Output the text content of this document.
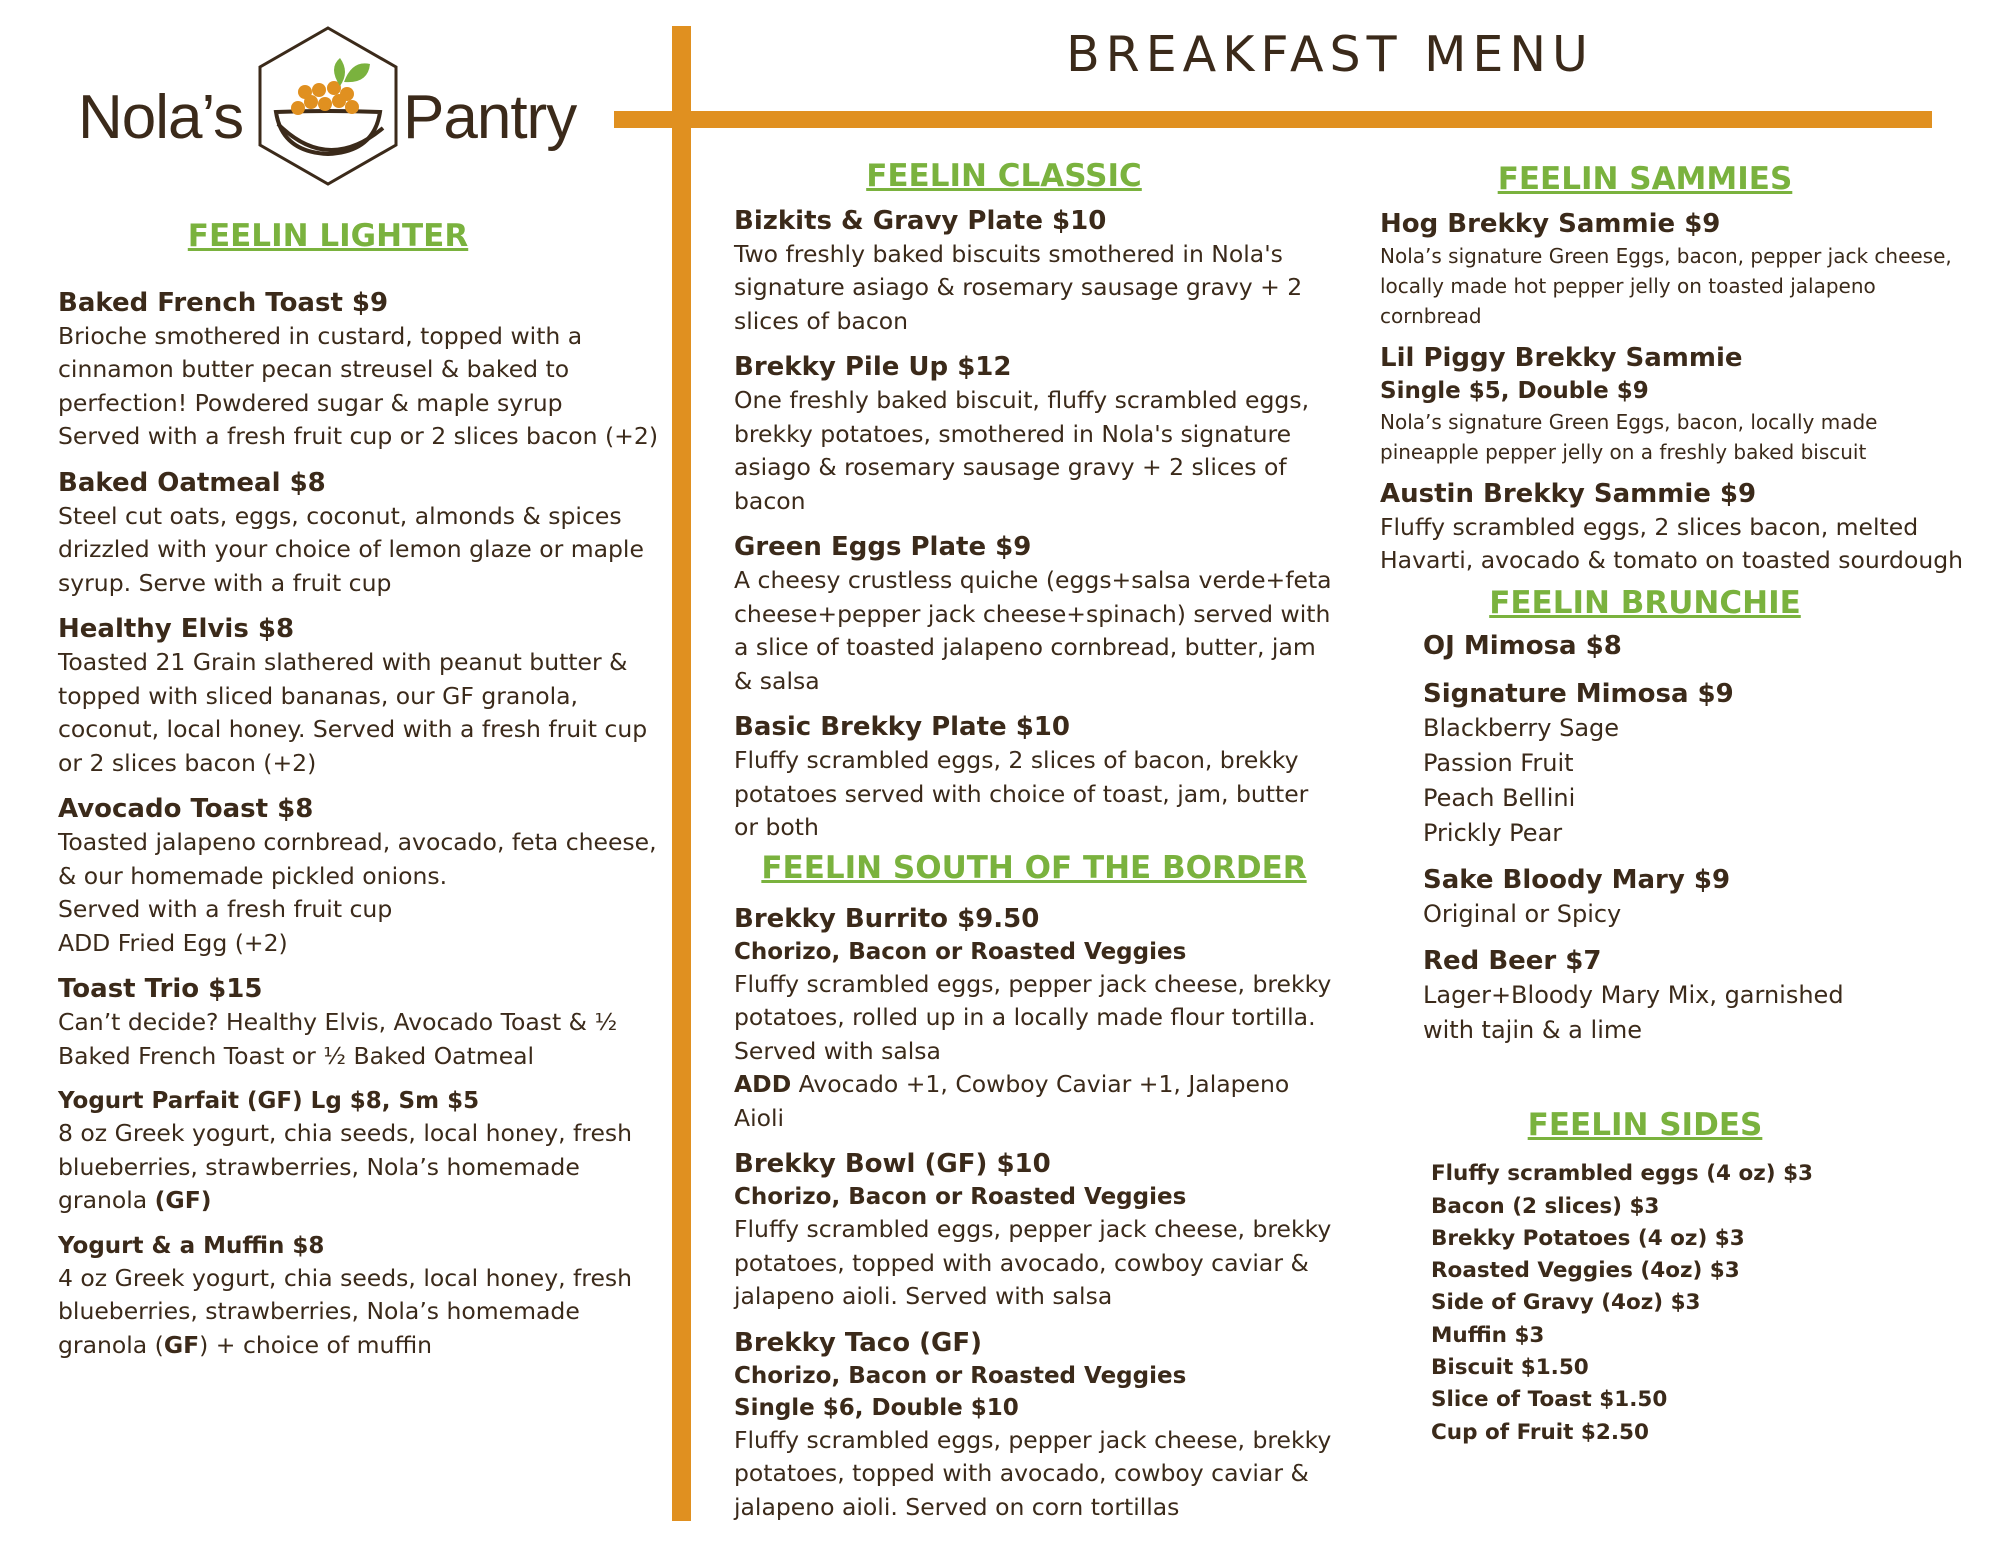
Nola’s	Pantry
BREAKFAST MENU
FEELIN LIGHTER
Baked French Toast $9
Brioche smothered in custard, topped with a cinnamon butter pecan streusel & baked to perfection! Powdered sugar & maple syrup
Served with a fresh fruit cup or 2 slices bacon (+2)
Baked Oatmeal $8
Steel cut oats, eggs, coconut, almonds & spices drizzled with your choice of lemon glaze or maple syrup. Serve with a fruit cup
Healthy Elvis $8
Toasted 21 Grain slathered with peanut butter & topped with sliced bananas, our GF granola, coconut, local honey. Served with a fresh fruit cup or 2 slices bacon (+2)
Avocado Toast $8
Toasted jalapeno cornbread, avocado, feta cheese, & our homemade pickled onions.
Served with a fresh fruit cup
ADD Fried Egg (+2)
Toast Trio $15
Can’t decide? Healthy Elvis, Avocado Toast & ½ Baked French Toast or ½ Baked Oatmeal
Yogurt Parfait (GF) Lg $8, Sm $5
8 oz Greek yogurt, chia seeds, local honey, fresh blueberries, strawberries, Nola’s homemade granola (GF)
Yogurt & a Muffin $8
4 oz Greek yogurt, chia seeds, local honey, fresh blueberries, strawberries, Nola’s homemade granola (GF) + choice of muffin
FEELIN CLASSIC
Bizkits & Gravy Plate $10
Two freshly baked biscuits smothered in Nola's signature asiago & rosemary sausage gravy + 2 slices of bacon
Brekky Pile Up $12
One freshly baked biscuit, fluffy scrambled eggs, brekky potatoes, smothered in Nola's signature asiago & rosemary sausage gravy + 2 slices of bacon
Green Eggs Plate $9
A cheesy crustless quiche (eggs+salsa verde+feta cheese+pepper jack cheese+spinach) served with a slice of toasted jalapeno cornbread, butter, jam & salsa
Basic Brekky Plate $10
Fluffy scrambled eggs, 2 slices of bacon, brekky potatoes served with choice of toast, jam, butter or both
FEELIN SOUTH OF THE BORDER
Brekky Burrito $9.50
Chorizo, Bacon or Roasted Veggies
Fluffy scrambled eggs, pepper jack cheese, brekky potatoes, rolled up in a locally made flour tortilla. Served with salsa
ADD Avocado +1, Cowboy Caviar +1, Jalapeno Aioli
Brekky Bowl (GF) $10
Chorizo, Bacon or Roasted Veggies
Fluffy scrambled eggs, pepper jack cheese, brekky potatoes, topped with avocado, cowboy caviar & jalapeno aioli. Served with salsa
Brekky Taco (GF)
Chorizo, Bacon or Roasted Veggies
Single $6, Double $10
Fluffy scrambled eggs, pepper jack cheese, brekky potatoes, topped with avocado, cowboy caviar & jalapeno aioli. Served on corn tortillas
FEELIN SAMMIES
Hog Brekky Sammie $9
Nola’s signature Green Eggs, bacon, pepper jack cheese, locally made hot pepper jelly on toasted jalapeno cornbread
Lil Piggy Brekky Sammie
Single $5, Double $9
Nola’s signature Green Eggs, bacon, locally made pineapple pepper jelly on a freshly baked biscuit
Austin Brekky Sammie $9
Fluffy scrambled eggs, 2 slices bacon, melted Havarti, avocado & tomato on toasted sourdough
FEELIN BRUNCHIE
OJ Mimosa $8
Signature Mimosa $9
Blackberry Sage
Passion Fruit
Peach Bellini
Prickly Pear
Sake Bloody Mary $9
Original or Spicy
Red Beer $7
Lager+Bloody Mary Mix, garnished
with tajin & a lime
FEELIN SIDES
Fluffy scrambled eggs (4 oz) $3
Bacon (2 slices) $3
Brekky Potatoes (4 oz) $3
Roasted Veggies (4oz) $3
Side of Gravy (4oz) $3
Muffin $3
Biscuit $1.50
Slice of Toast $1.50
Cup of Fruit $2.50
